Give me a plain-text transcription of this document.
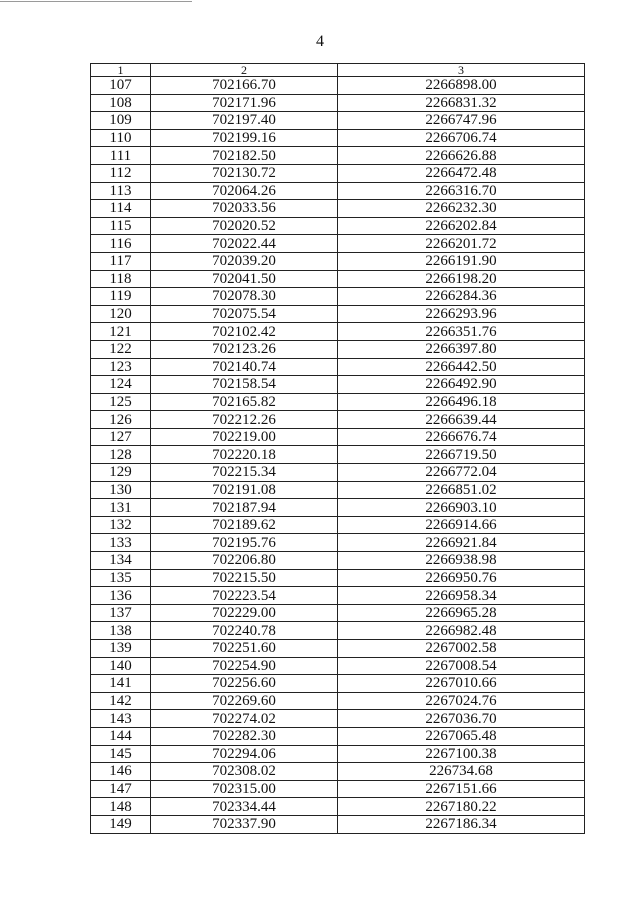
4
1	2	3
107	702166.70	2266898.00
108	702171.96	2266831.32
109	702197.40	2266747.96
110	702199.16	2266706.74
111	702182.50	2266626.88
112	702130.72	2266472.48
113	702064.26	2266316.70
114	702033.56	2266232.30
115	702020.52	2266202.84
116	702022.44	2266201.72
117	702039.20	2266191.90
118	702041.50	2266198.20
119	702078.30	2266284.36
120	702075.54	2266293.96
121	702102.42	2266351.76
122	702123.26	2266397.80
123	702140.74	2266442.50
124	702158.54	2266492.90
125	702165.82	2266496.18
126	702212.26	2266639.44
127	702219.00	2266676.74
128	702220.18	2266719.50
129	702215.34	2266772.04
130	702191.08	2266851.02
131	702187.94	2266903.10
132	702189.62	2266914.66
133	702195.76	2266921.84
134	702206.80	2266938.98
135	702215.50	2266950.76
136	702223.54	2266958.34
137	702229.00	2266965.28
138	702240.78	2266982.48
139	702251.60	2267002.58
140	702254.90	2267008.54
141	702256.60	2267010.66
142	702269.60	2267024.76
143	702274.02	2267036.70
144	702282.30	2267065.48
145	702294.06	2267100.38
146	702308.02	226734.68
147	702315.00	2267151.66
148	702334.44	2267180.22
149	702337.90	2267186.34
